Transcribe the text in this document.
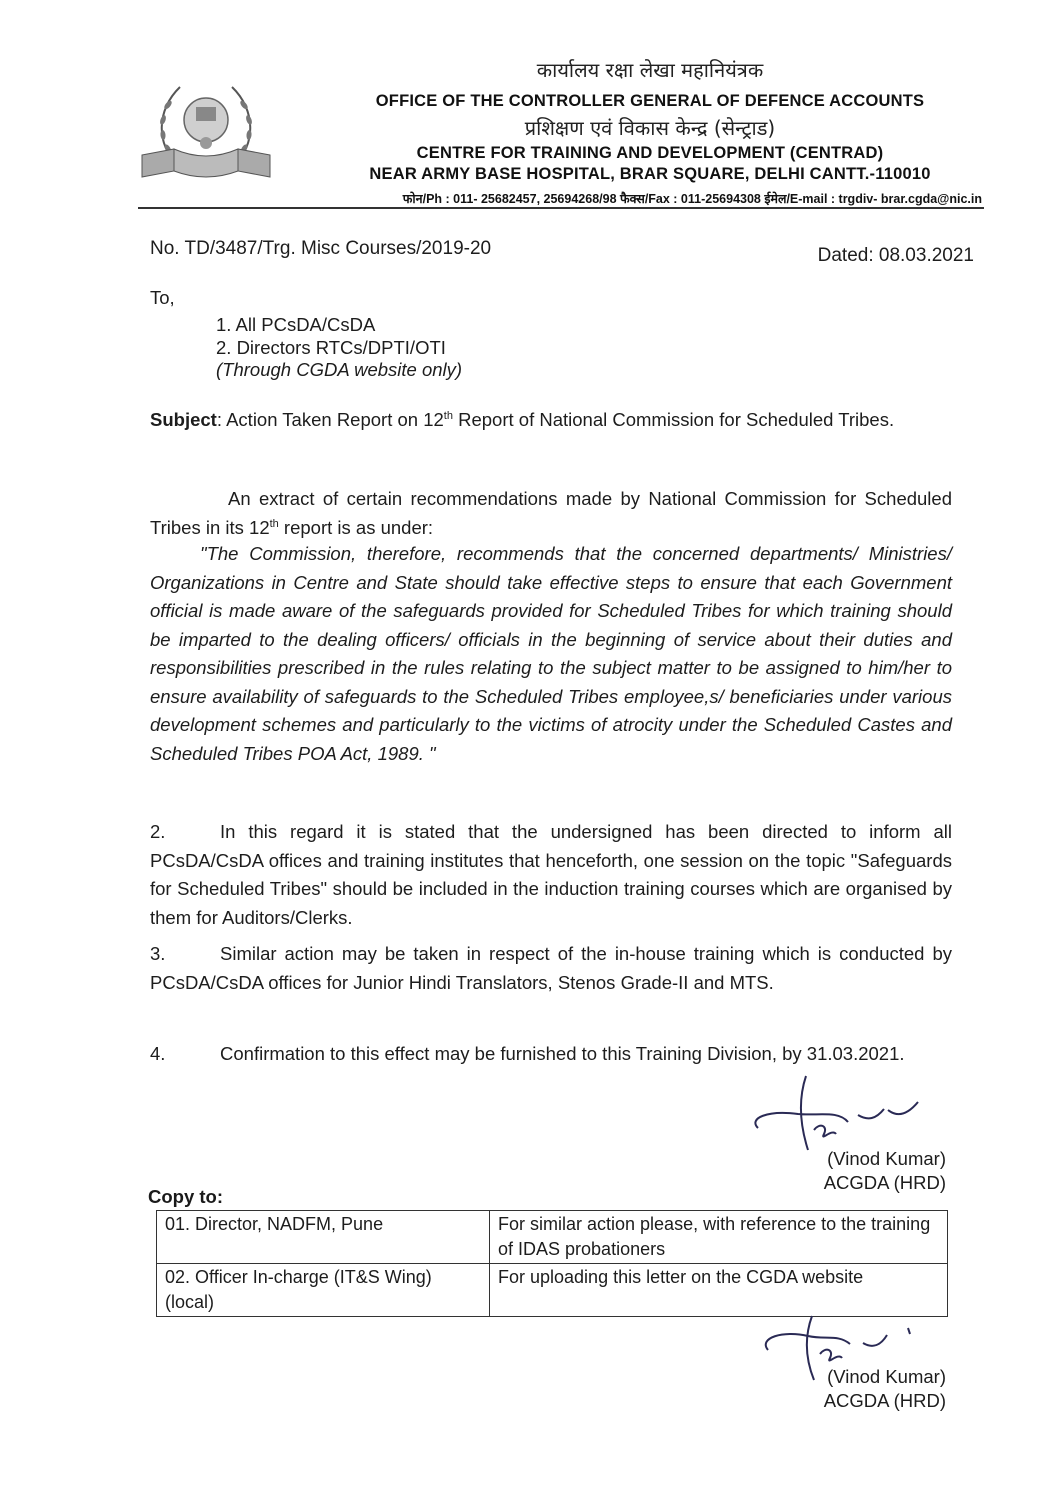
कार्यालय रक्षा लेखा महानियंत्रक
OFFICE OF THE CONTROLLER GENERAL OF DEFENCE ACCOUNTS
प्रशिक्षण एवं विकास केन्द्र (सेन्ट्राड)
CENTRE FOR TRAINING AND DEVELOPMENT (CENTRAD)
NEAR ARMY BASE HOSPITAL, BRAR SQUARE, DELHI CANTT.-110010
फोन/Ph : 011- 25682457, 25694268/98 फैक्स/Fax : 011-25694308 ईमेल/E-mail : trgdiv- brar.cgda@nic.in
No. TD/3487/Trg. Misc Courses/2019-20	Dated: 08.03.2021
To,
1. All PCsDA/CsDA
2. Directors RTCs/DPTI/OTI
(Through CGDA website only)
Subject: Action Taken Report on 12th Report of National Commission for Scheduled Tribes.
An extract of certain recommendations made by National Commission for Scheduled Tribes in its 12th report is as under:
"The Commission, therefore, recommends that the concerned departments/ Ministries/ Organizations in Centre and State should take effective steps to ensure that each Government official is made aware of the safeguards provided for Scheduled Tribes for which training should be imparted to the dealing officers/ officials in the beginning of service about their duties and responsibilities prescribed in the rules relating to the subject matter to be assigned to him/her to ensure availability of safeguards to the Scheduled Tribes employee,s/ beneficiaries under various development schemes and particularly to the victims of atrocity under the Scheduled Castes and Scheduled Tribes POA Act, 1989. "
2.	In this regard it is stated that the undersigned has been directed to inform all PCsDA/CsDA offices and training institutes that henceforth, one session on the topic "Safeguards for Scheduled Tribes" should be included in the induction training courses which are organised by them for Auditors/Clerks.
3.	Similar action may be taken in respect of the in-house training which is conducted by PCsDA/CsDA offices for Junior Hindi Translators, Stenos Grade-II and MTS.
4.	Confirmation to this effect may be furnished to this Training Division, by 31.03.2021.
(Vinod Kumar)
ACGDA (HRD)
Copy to:
01. Director, NADFM, Pune	For similar action please, with reference to the training of IDAS probationers
02. Officer In-charge (IT&S Wing) (local)	For uploading this letter on the CGDA website
(Vinod Kumar)
ACGDA (HRD)
